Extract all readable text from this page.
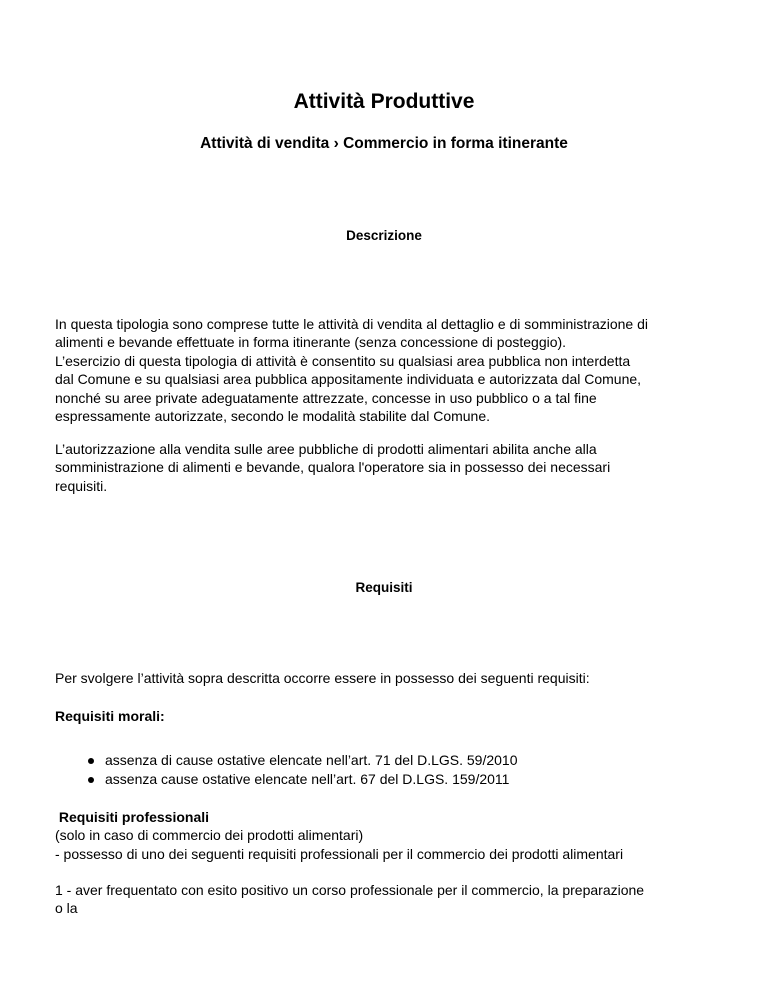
Attività Produttive
Attività di vendita › Commercio in forma itinerante
Descrizione
In questa tipologia sono comprese tutte le attività di vendita al dettaglio e di somministrazione di
alimenti e bevande effettuate in forma itinerante (senza concessione di posteggio).
L’esercizio di questa tipologia di attività è consentito su qualsiasi area pubblica non interdetta
dal Comune e su qualsiasi area pubblica appositamente individuata e autorizzata dal Comune,
nonché su aree private adeguatamente attrezzate, concesse in uso pubblico o a tal fine
espressamente autorizzate, secondo le modalità stabilite dal Comune.
L’autorizzazione alla vendita sulle aree pubbliche di prodotti alimentari abilita anche alla
somministrazione di alimenti e bevande, qualora l'operatore sia in possesso dei necessari
requisiti.
Requisiti
Per svolgere l’attività sopra descritta occorre essere in possesso dei seguenti requisiti:
Requisiti morali:
assenza di cause ostative elencate nell’art. 71 del D.LGS. 59/2010
assenza cause ostative elencate nell’art. 67 del D.LGS. 159/2011
Requisiti professionali
(solo in caso di commercio dei prodotti alimentari)
- possesso di uno dei seguenti requisiti professionali per il commercio dei prodotti alimentari
1 - aver frequentato con esito positivo un corso professionale per il commercio, la preparazione
o la
